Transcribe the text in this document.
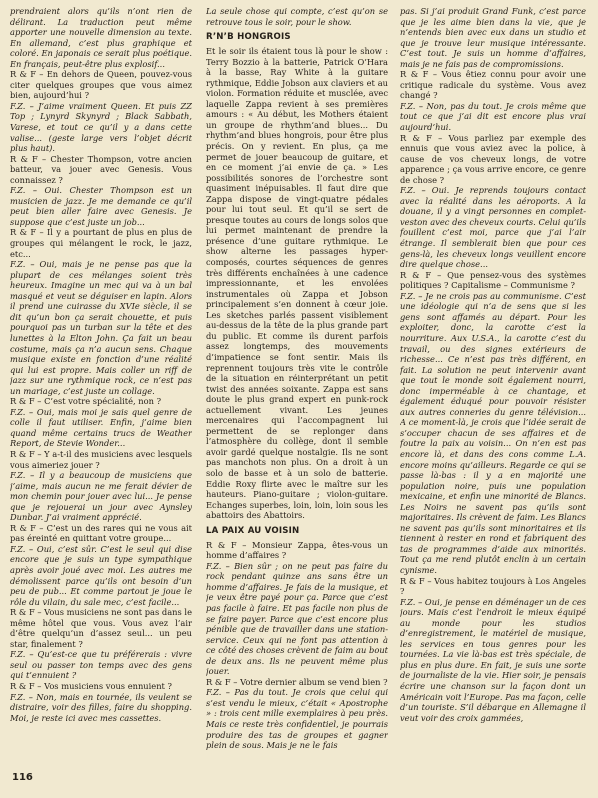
prendraient alors qu’ils n’ont rien de délirant. La traduction peut même apporter une nouvelle dimension au texte. En allemand, c’est plus graphique et coloré. En japonais ce serait plus poétique. En français, peut-être plus explosif...

R & F – En dehors de Queen, pouvez-vous citer quelques groupes que vous aimez bien, aujourd’hui ?

F.Z. – J’aime vraiment Queen. Et puis ZZ Top ; Lynyrd Skynyrd ; Black Sabbath, Varese, et tout ce qu’il y a dans cette valise... (geste large vers l’objet décrit plus haut).

R & F – Chester Thompson, votre ancien batteur, va jouer avec Genesis. Vous connaissez ?

F.Z. – Oui. Chester Thompson est un musicien de jazz. Je me demande ce qu’il peut bien aller faire avec Genesis. Je suppose que c’est juste un job...

R & F – Il y a pourtant de plus en plus de groupes qui mélangent le rock, le jazz, etc...

F.Z. – Oui, mais je ne pense pas que la plupart de ces mélanges soient très heureux. Imagine un mec qui va à un bal masqué et veut se déguiser en lapin. Alors il prend une cuirasse du XVIe siècle, il se dit qu’un bon ça serait chouette, et puis pourquoi pas un turban sur la tête et des lunettes à la Elton John. Ça fait un beau costume, mais ça n’a aucun sens. Chaque musique existe en fonction d’une réalité qui lui est propre. Mais coller un riff de jazz sur une rythmique rock, ce n’est pas un mariage, c’est juste un collage.

R & F – C’est votre spécialité, non ?

F.Z. – Oui, mais moi je sais quel genre de colle il faut utiliser. Enfin, j’aime bien quand même certains trucs de Weather Report, de Stevie Wonder...

R & F – Y a-t-il des musiciens avec lesquels vous aimeriez jouer ?

F.Z. – Il y a beaucoup de musiciens que j’aime, mais aucun ne me ferait dévier de mon chemin pour jouer avec lui... Je pense que je rejouerai un jour avec Aynsley Dunbar. J’ai vraiment apprécié.

R & F – C’est un des rares qui ne vous ait pas éreinté en quittant votre groupe...

F.Z. – Oui, c’est sûr. C’est le seul qui dise encore que je suis un type sympathique après avoir joué avec moi. Les autres me démolissent parce qu’ils ont besoin d’un peu de pub... Et comme partout je joue le rôle du vilain, du sale mec, c’est facile...

R & F – Vous musiciens ne sont pas dans le même hôtel que vous. Vous avez l’air d’être quelqu’un d’assez seul... un peu star, finalement ?

F.Z. – Qu’est-ce que tu préférerais : vivre seul ou passer ton temps avec des gens qui t’ennuient ?

R & F – Vos musiciens vous ennuient ?

F.Z. – Non, mais en tournée, ils veulent se distraire, voir des filles, faire du shopping. Moi, je reste ici avec mes cassettes.

La seule chose qui compte, c’est qu’on se retrouve tous le soir, pour le show.

R’N’B HONGROIS

Et le soir ils étaient tous là pour le show : Terry Bozzio à la batterie, Patrick O’Hara à la basse, Ray White à la guitare rythmique, Eddie Jobson aux claviers et au violon. Formation réduite et musclée, avec laquelle Zappa revient à ses premières amours : « Au début, les Mothers étaient un groupe de rhythm’and blues... Du rhythm’and blues hongrois, pour être plus précis. On y revient. En plus, ça me permet de jouer beaucoup de guitare, et en ce moment j’ai envie de ça. » Les possibilités sonores de l’orchestre sont quasiment inépuisables. Il faut dire que Zappa dispose de vingt-quatre pédales pour lui tout seul. Et qu’il se sert de presque toutes au cours de longs solos que lui permet maintenant de prendre la présence d’une guitare rythmique. Le show alterne les passages hyper-composés, courtes séquences de genres très différents enchaînées à une cadence impressionnante, et les envolées instrumentales où Zappa et Jobson principalement s’en donnent à cœur joie. Les sketches parlés passent visiblement au-dessus de la tête de la plus grande part du public. Et comme ils durent parfois assez longtemps, des mouvements d’impatience se font sentir. Mais ils reprennent toujours très vite le contrôle de la situation en réinterprétant un petit twist des années soixante. Zappa est sans doute le plus grand expert en punk-rock actuellement vivant. Les jeunes mercenaires qui l’accompagnent lui permettent de se replonger dans l’atmosphère du collège, dont il semble avoir gardé quelque nostalgie. Ils ne sont pas manchots non plus. On a droit à un solo de basse et à un solo de batterie. Eddie Roxy flirte avec le maître sur les hauteurs. Piano-guitare ; violon-guitare. Echanges superbes, loin, loin, loin sous les abattoirs des Abattoirs.

LA PAIX AU VOISIN

R & F – Monsieur Zappa, êtes-vous un homme d’affaires ?

F.Z. – Bien sûr ; on ne peut pas faire du rock pendant quinze ans sans être un homme d’affaires. Je fais de la musique, et je veux être payé pour ça. Parce que c’est pas facile à faire. Et pas facile non plus de se faire payer. Parce que c’est encore plus pénible que de travailler dans une station-service. Ceux qui ne font pas attention à ce côté des choses crèvent de faim au bout de deux ans. Ils ne peuvent même plus jouer.

R & F – Votre dernier album se vend bien ?

F.Z. – Pas du tout. Je crois que celui qui s’est vendu le mieux, c’était « Apostrophe » : trois cent mille exemplaires à peu près. Mais ce reste très confidentiel, je pourrais produire des tas de groupes et gagner plein de sous. Mais je ne le fais

pas. Si j’ai produit Grand Funk, c’est parce que je les aime bien dans la vie, que je n’entends bien avec eux dans un studio et que je trouve leur musique intéressante. C’est tout. Je suis un homme d’affaires, mais je ne fais pas de compromissions.

R & F – Vous êtiez connu pour avoir une critique radicale du système. Vous avez changé ?

F.Z. – Non, pas du tout. Je crois même que tout ce que j’ai dit est encore plus vrai aujourd’hui.

R & F – Vous parliez par exemple des ennuis que vous aviez avec la police, à cause de vos cheveux longs, de votre apparence ; ça vous arrive encore, ce genre de chose ?

F.Z. – Oui. Je reprends toujours contact avec la réalité dans les aéroports. A la douane, il y a vingt personnes en complet-veston avec des cheveux courts. Celui qu’ils fouillent c’est moi, parce que j’ai l’air étrange. Il semblerait bien que pour ces gens-là, les cheveux longs veuillent encore dire quelque chose...

R & F – Que pensez-vous des systèmes politiques ? Capitalisme – Communisme ?

F.Z. – Je ne crois pas au communisme. C’est une idéologie qui n’a de sens que si les gens sont affamés au départ. Pour les exploiter, donc, la carotte c’est la nourriture. Aux U.S.A., la carotte c’est du travail, ou des signes extérieurs de richesse... Ce n’est pas très différent, en fait. La solution ne peut intervenir avant que tout le monde soit également nourri, donc imperméable à ce chantage, et également éduqué pour pouvoir résister aux autres conneries du genre télévision... A ce moment-là, je crois que l’idée serait de s’occuper chacun de ses affaires et de foutre la paix au voisin... On n’en est pas encore là, et dans des cons comme L.A. encore moins qu’ailleurs. Regarde ce qui se passe là-bas : il y a en majorité une population noire, puis une population mexicaine, et enfin une minorité de Blancs. Les Noirs ne savent pas qu’ils sont majoritaires. Ils crèvent de faim. Les Blancs ne savent pas qu’ils sont minoritaires et ils tiennent à rester en rond et fabriquent des tas de programmes d’aide aux minorités. Tout ça me rend plutôt enclin à un certain cynisme.

R & F – Vous habitez toujours à Los Angeles ?

F.Z. – Oui, je pense en déménager un de ces jours. Mais c’est l’endroit le mieux équipé au monde pour les studios d’enregistrement, le matériel de musique, les services en tous genres pour les tournées. La vie là-bas est très spéciale, de plus en plus dure. En fait, je suis une sorte de journaliste de la vie. Hier soir, je pensais écrire une chanson sur la façon dont un Américain voit l’Europe. Pas ma façon, celle d’un touriste. S’il débarque en Allemagne il veut voir des croix gammées,

116
